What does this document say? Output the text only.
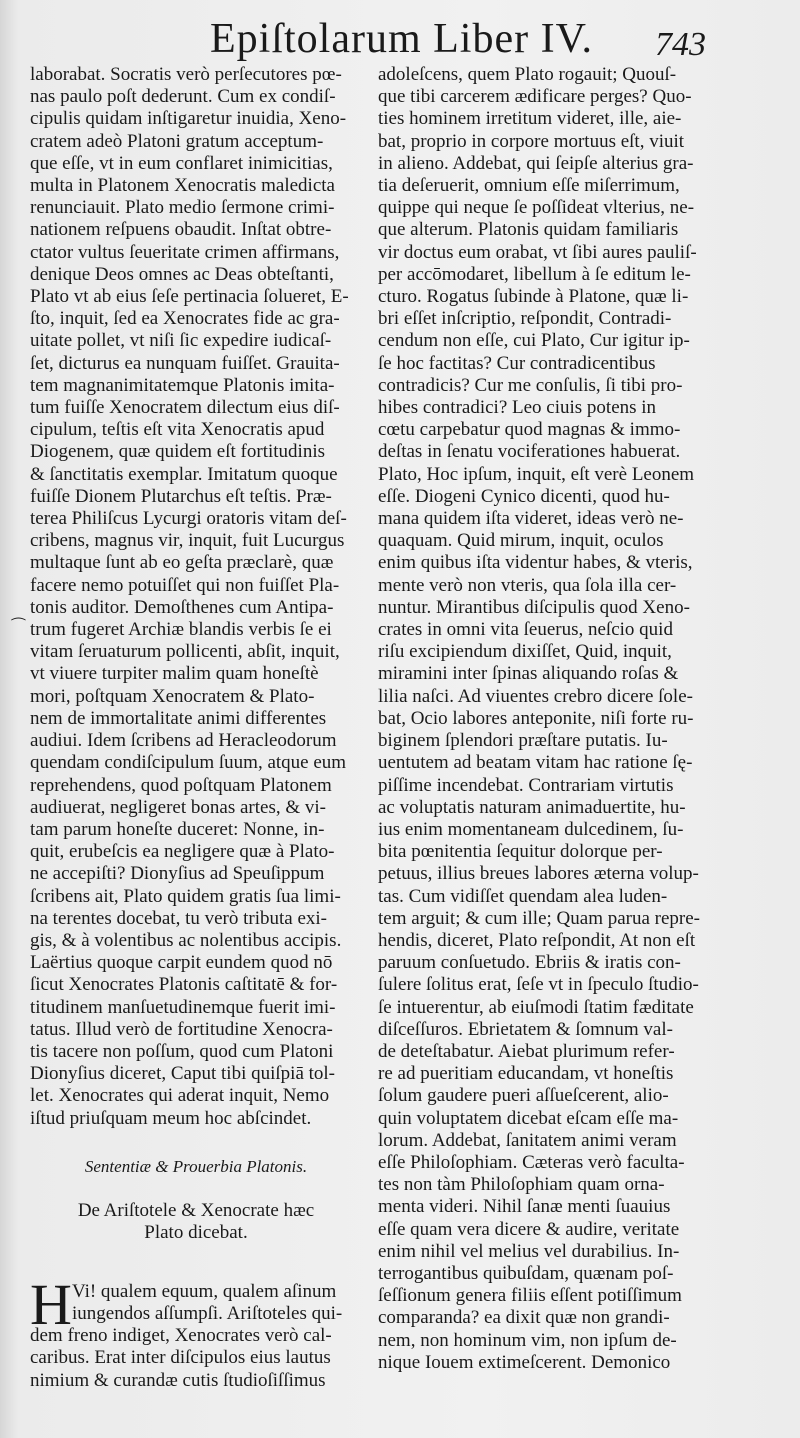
Epiſtolarum Liber IV. 743
⁀
laborabat. Socratis verò perſecutores pœ-
nas paulo poſt dederunt. Cum ex condiſ-
cipulis quidam inſtigaretur inuidia, Xeno-
cratem adeò Platoni gratum acceptum-
que eſſe, vt in eum conflaret inimicitias,
multa in Platonem Xenocratis maledicta
renunciauit. Plato medio ſermone crimi-
nationem reſpuens obaudit. Inſtat obtre-
ctator vultus ſeueritate crimen affirmans,
denique Deos omnes ac Deas obteſtanti,
Plato vt ab eius ſeſe pertinacia ſolueret, E-
ſto, inquit, ſed ea Xenocrates fide ac gra-
uitate pollet, vt niſi ſic expedire iudicaſ-
ſet, dicturus ea nunquam fuiſſet. Grauita-
tem magnanimitatemque Platonis imita-
tum fuiſſe Xenocratem dilectum eius diſ-
cipulum, teſtis eſt vita Xenocratis apud
Diogenem, quæ quidem eſt fortitudinis
& ſanctitatis exemplar. Imitatum quoque
fuiſſe Dionem Plutarchus eſt teſtis. Præ-
terea Philiſcus Lycurgi oratoris vitam deſ-
cribens, magnus vir, inquit, fuit Lucurgus
multaque ſunt ab eo geſta præclarè, quæ
facere nemo potuiſſet qui non fuiſſet Pla-
tonis auditor. Demoſthenes cum Antipa-
trum fugeret Archiæ blandis verbis ſe ei
vitam ſeruaturum pollicenti, abſit, inquit,
vt viuere turpiter malim quam honeſtè
mori, poſtquam Xenocratem & Plato-
nem de immortalitate animi differentes
audiui. Idem ſcribens ad Heracleodorum
quendam condiſcipulum ſuum, atque eum
reprehendens, quod poſtquam Platonem
audiuerat, negligeret bonas artes, & vi-
tam parum honeſte duceret: Nonne, in-
quit, erubeſcis ea negligere quæ à Plato-
ne accepiſti? Dionyſius ad Speuſippum
ſcribens ait, Plato quidem gratis ſua limi-
na terentes docebat, tu verò tributa exi-
gis, & à volentibus ac nolentibus accipis.
Laërtius quoque carpit eundem quod nō
ſicut Xenocrates Platonis caſtitatē & for-
titudinem manſuetudinemque fuerit imi-
tatus. Illud verò de fortitudine Xenocra-
tis tacere non poſſum, quod cum Platoni
Dionyſius diceret, Caput tibi quiſpiā tol-
let. Xenocrates qui aderat inquit, Nemo
iſtud priuſquam meum hoc abſcindet.
Sententiæ & Prouerbia Platonis.
De Ariſtotele & Xenocrate hæc
Plato dicebat.
H Vi! qualem equum, qualem aſinum
iungendos aſſumpſi. Ariſtoteles qui-
dem freno indiget, Xenocrates verò cal-
caribus. Erat inter diſcipulos eius lautus
nimium & curandæ cutis ſtudioſiſſimus
adoleſcens, quem Plato rogauit; Quouſ-
que tibi carcerem ædificare perges? Quo-
ties hominem irretitum videret, ille, aie-
bat, proprio in corpore mortuus eſt, viuit
in alieno. Addebat, qui ſeipſe alterius gra-
tia deſeruerit, omnium eſſe miſerrimum,
quippe qui neque ſe poſſideat vlterius, ne-
que alterum. Platonis quidam familiaris
vir doctus eum orabat, vt ſibi aures pauliſ-
per accōmodaret, libellum à ſe editum le-
cturo. Rogatus ſubinde à Platone, quæ li-
bri eſſet inſcriptio, reſpondit, Contradi-
cendum non eſſe, cui Plato, Cur igitur ip-
ſe hoc factitas? Cur contradicentibus
contradicis? Cur me conſulis, ſi tibi pro-
hibes contradici? Leo ciuis potens in
cœtu carpebatur quod magnas & immo-
deſtas in ſenatu vociferationes habuerat.
Plato, Hoc ipſum, inquit, eſt verè Leonem
eſſe. Diogeni Cynico dicenti, quod hu-
mana quidem iſta videret, ideas verò ne-
quaquam. Quid mirum, inquit, oculos
enim quibus iſta videntur habes, & vteris,
mente verò non vteris, qua ſola illa cer-
nuntur. Mirantibus diſcipulis quod Xeno-
crates in omni vita ſeuerus, neſcio quid
riſu excipiendum dixiſſet, Quid, inquit,
miramini inter ſpinas aliquando roſas &
lilia naſci. Ad viuentes crebro dicere ſole-
bat, Ocio labores anteponite, niſi forte ru-
biginem ſplendori præſtare putatis. Iu-
uentutem ad beatam vitam hac ratione ſę-
piſſime incendebat. Contrariam virtutis
ac voluptatis naturam animaduertite, hu-
ius enim momentaneam dulcedinem, ſu-
bita pœnitentia ſequitur dolorque per-
petuus, illius breues labores æterna volup-
tas. Cum vidiſſet quendam alea luden-
tem arguit; & cum ille; Quam parua repre-
hendis, diceret, Plato reſpondit, At non eſt
paruum conſuetudo. Ebriis & iratis con-
ſulere ſolitus erat, ſeſe vt in ſpeculo ſtudio-
ſe intuerentur, ab eiuſmodi ſtatim fæditate
diſceſſuros. Ebrietatem & ſomnum val-
de deteſtabatur. Aiebat plurimum refer-
re ad pueritiam educandam, vt honeſtis
ſolum gaudere pueri aſſueſcerent, alio-
quin voluptatem dicebat eſcam eſſe ma-
lorum. Addebat, ſanitatem animi veram
eſſe Philoſophiam. Cæteras verò faculta-
tes non tàm Philoſophiam quam orna-
menta videri. Nihil ſanæ menti ſuauius
eſſe quam vera dicere & audire, veritate
enim nihil vel melius vel durabilius. In-
terrogantibus quibuſdam, quænam poſ-
ſeſſionum genera filiis eſſent potiſſimum
comparanda? ea dixit quæ non grandi-
nem, non hominum vim, non ipſum de-
nique Iouem extimeſcerent. Demonico
